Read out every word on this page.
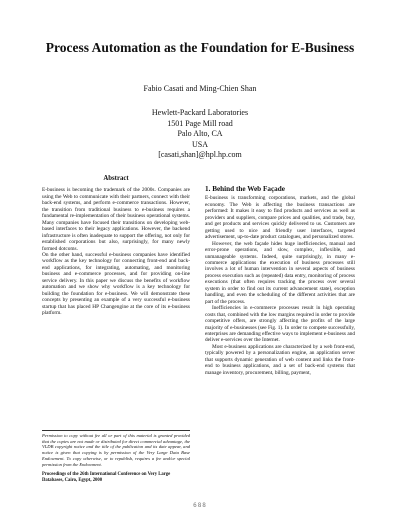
Process Automation as the Foundation for E-Business
Fabio Casati and Ming-Chien Shan
Hewlett-Packard Laboratories
1501 Page Mill road
Palo Alto, CA
USA
[casati,shan]@hpl.hp.com
Abstract

E-business is becoming the trademark of the 2000s. Companies are using the Web to communicate with their partners, connect with their back-end systems, and perform e-commerce transactions. However, the transition from traditional business to e-business requires a fundamental re-implementation of their business operational systems. Many companies have focused their transitions on developing web-based interfaces to their legacy applications. However, the backend infrastructure is often inadequate to support the offering, not only for established corporations but also, surprisingly, for many newly formed dotcoms.

On the other hand, successful e-business companies have identified workflow as the key technology for connecting front-end and back-end applications, for integrating, automating, and monitoring business and e-commerce processes, and for providing on-line service delivery. In this paper we discuss the benefits of workflow automation and we show why workflow is a key technology for building the foundation for e-business. We will demonstrate these concepts by presenting an example of a very successful e-business startup that has placed HP Changengine at the core of its e-business platform.

Permission to copy without fee all or part of this material is granted provided that the copies are not made or distributed for direct commercial advantage, the VLDB copyright notice and the title of the publication and its date appear, and notice is given that copying is by permission of the Very Large Data Base Endowment. To copy otherwise, or to republish, requires a fee and/or special permission from the Endowment.

Proceedings of the 26th International Conference on Very Large Databases, Cairo, Egypt, 2000
1. Behind the Web Façade

E-business is transforming corporations, markets, and the global economy. The Web is affecting the business transactions are performed: It makes it easy to find products and services as well as providers and suppliers, compare prices and qualities, and trade, buy, and get products and services quickly delivered to us. Customers are getting used to nice and friendly user interfaces, targeted advertisement, up-to-date product catalogues, and personalized stores.

However, the web façade hides huge inefficiencies, manual and error-prone operations, and slow, complex, inflexible, and unmanageable systems. Indeed, quite surprisingly, in many e-commerce applications the execution of business processes still involves a lot of human intervention in several aspects of business process execution such as (repeated) data entry, monitoring of process executions (that often requires tracking the process over several system in order to find out its current advancement state), exception handling, and even the scheduling of the different activities that are part of the process.

Inefficiencies in e-commerce processes result in high operating costs that, combined with the low margins required in order to provide competitive offers, are strongly affecting the profits of the large majority of e-businesses (see Fig. 1). In order to compete successfully, enterprises are demanding effective ways to implement e-business and deliver e-services over the Internet.

Most e-business applications are characterized by a web front-end, typically powered by a personalization engine, an application server that supports dynamic generation of web content and links the front-end to business applications, and a set of back-end systems that manage inventory, procurement, billing, payment,

688
